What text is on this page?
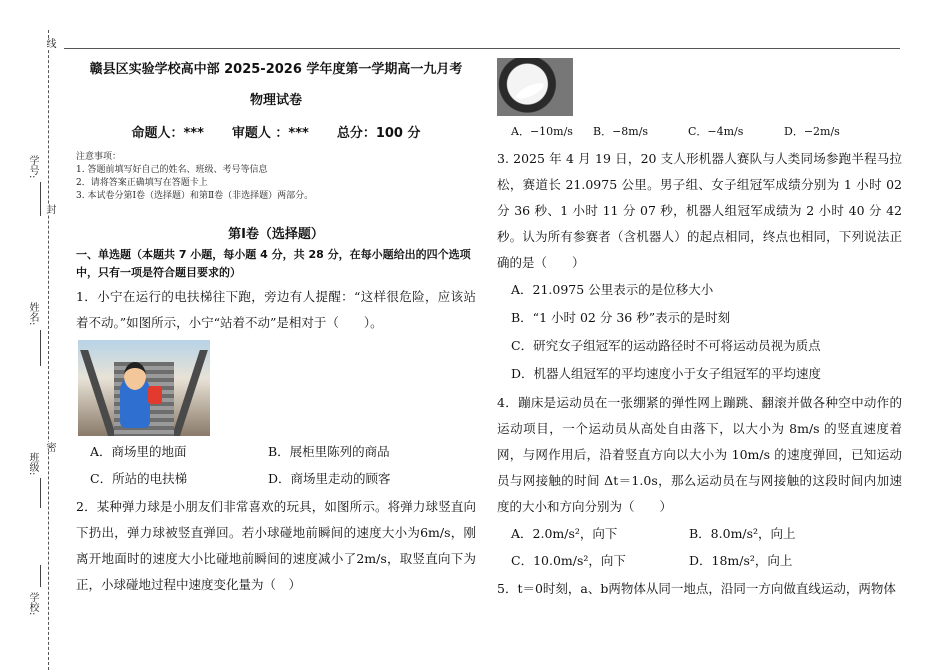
线
封
密
学号:
姓名:
班级:
学校:

赣县区实验学校高中部 2025-2026 学年度第一学期高一九月考

物理试卷
命题人：*** 审题人 ：*** 总分：100 分
注意事项：
1. 答题前填写好自己的姓名、班级、考号等信息
2．请将答案正确填写在答题卡上
3. 本试卷分第Ⅰ卷（选择题）和第Ⅱ卷（非选择题）两部分。
第Ⅰ卷（选择题）
一、单选题（本题共 7 小题，每小题 4 分，共 28 分，在每小题给出的四个选项中，只有一项是符合题目要求的）

1．小宁在运行的电扶梯往下跑，旁边有人提醒：“这样很危险，应该站着不动。”如图所示，小宁“站着不动”是相对于（　　）。

A．商场里的地面	B．展柜里陈列的商品
C．所站的电扶梯	D．商场里走动的顾客

2．某种弹力球是小朋友们非常喜欢的玩具，如图所示。将弹力球竖直向下扔出，弹力球被竖直弹回。若小球碰地前瞬间的速度大小为6m/s，刚离开地面时的速度大小比碰地前瞬间的速度减小了2m/s，取竖直向下为正，小球碰地过程中速度变化量为（　）

A．−10m/s	B．−8m/s	C．−4m/s	D．−2m/s

3. 2025 年 4 月 19 日，20 支人形机器人赛队与人类同场参跑半程马拉松，赛道长 21.0975 公里。男子组、女子组冠军成绩分别为 1 小时 02 分 36 秒、1 小时 11 分 07 秒，机器人组冠军成绩为 2 小时 40 分 42 秒。认为所有参赛者（含机器人）的起点相同，终点也相同，下列说法正确的是（　　）

A．21.0975 公里表示的是位移大小
B．“1 小时 02 分 36 秒”表示的是时刻
C．研究女子组冠军的运动路径时不可将运动员视为质点
D．机器人组冠军的平均速度小于女子组冠军的平均速度

4．蹦床是运动员在一张绷紧的弹性网上蹦跳、翻滚并做各种空中动作的运动项目，一个运动员从高处自由落下，以大小为 8m/s 的竖直速度着网，与网作用后，沿着竖直方向以大小为 10m/s 的速度弹回，已知运动员与网接触的时间 Δt＝1.0s，那么运动员在与网接触的这段时间内加速度的大小和方向分别为（　　）

A．2.0m/s²，向下	B．8.0m/s²，向上
C．10.0m/s²，向下	D．18m/s²，向上

5．t＝0时刻，a、b两物体从同一地点，沿同一方向做直线运动，两物体
